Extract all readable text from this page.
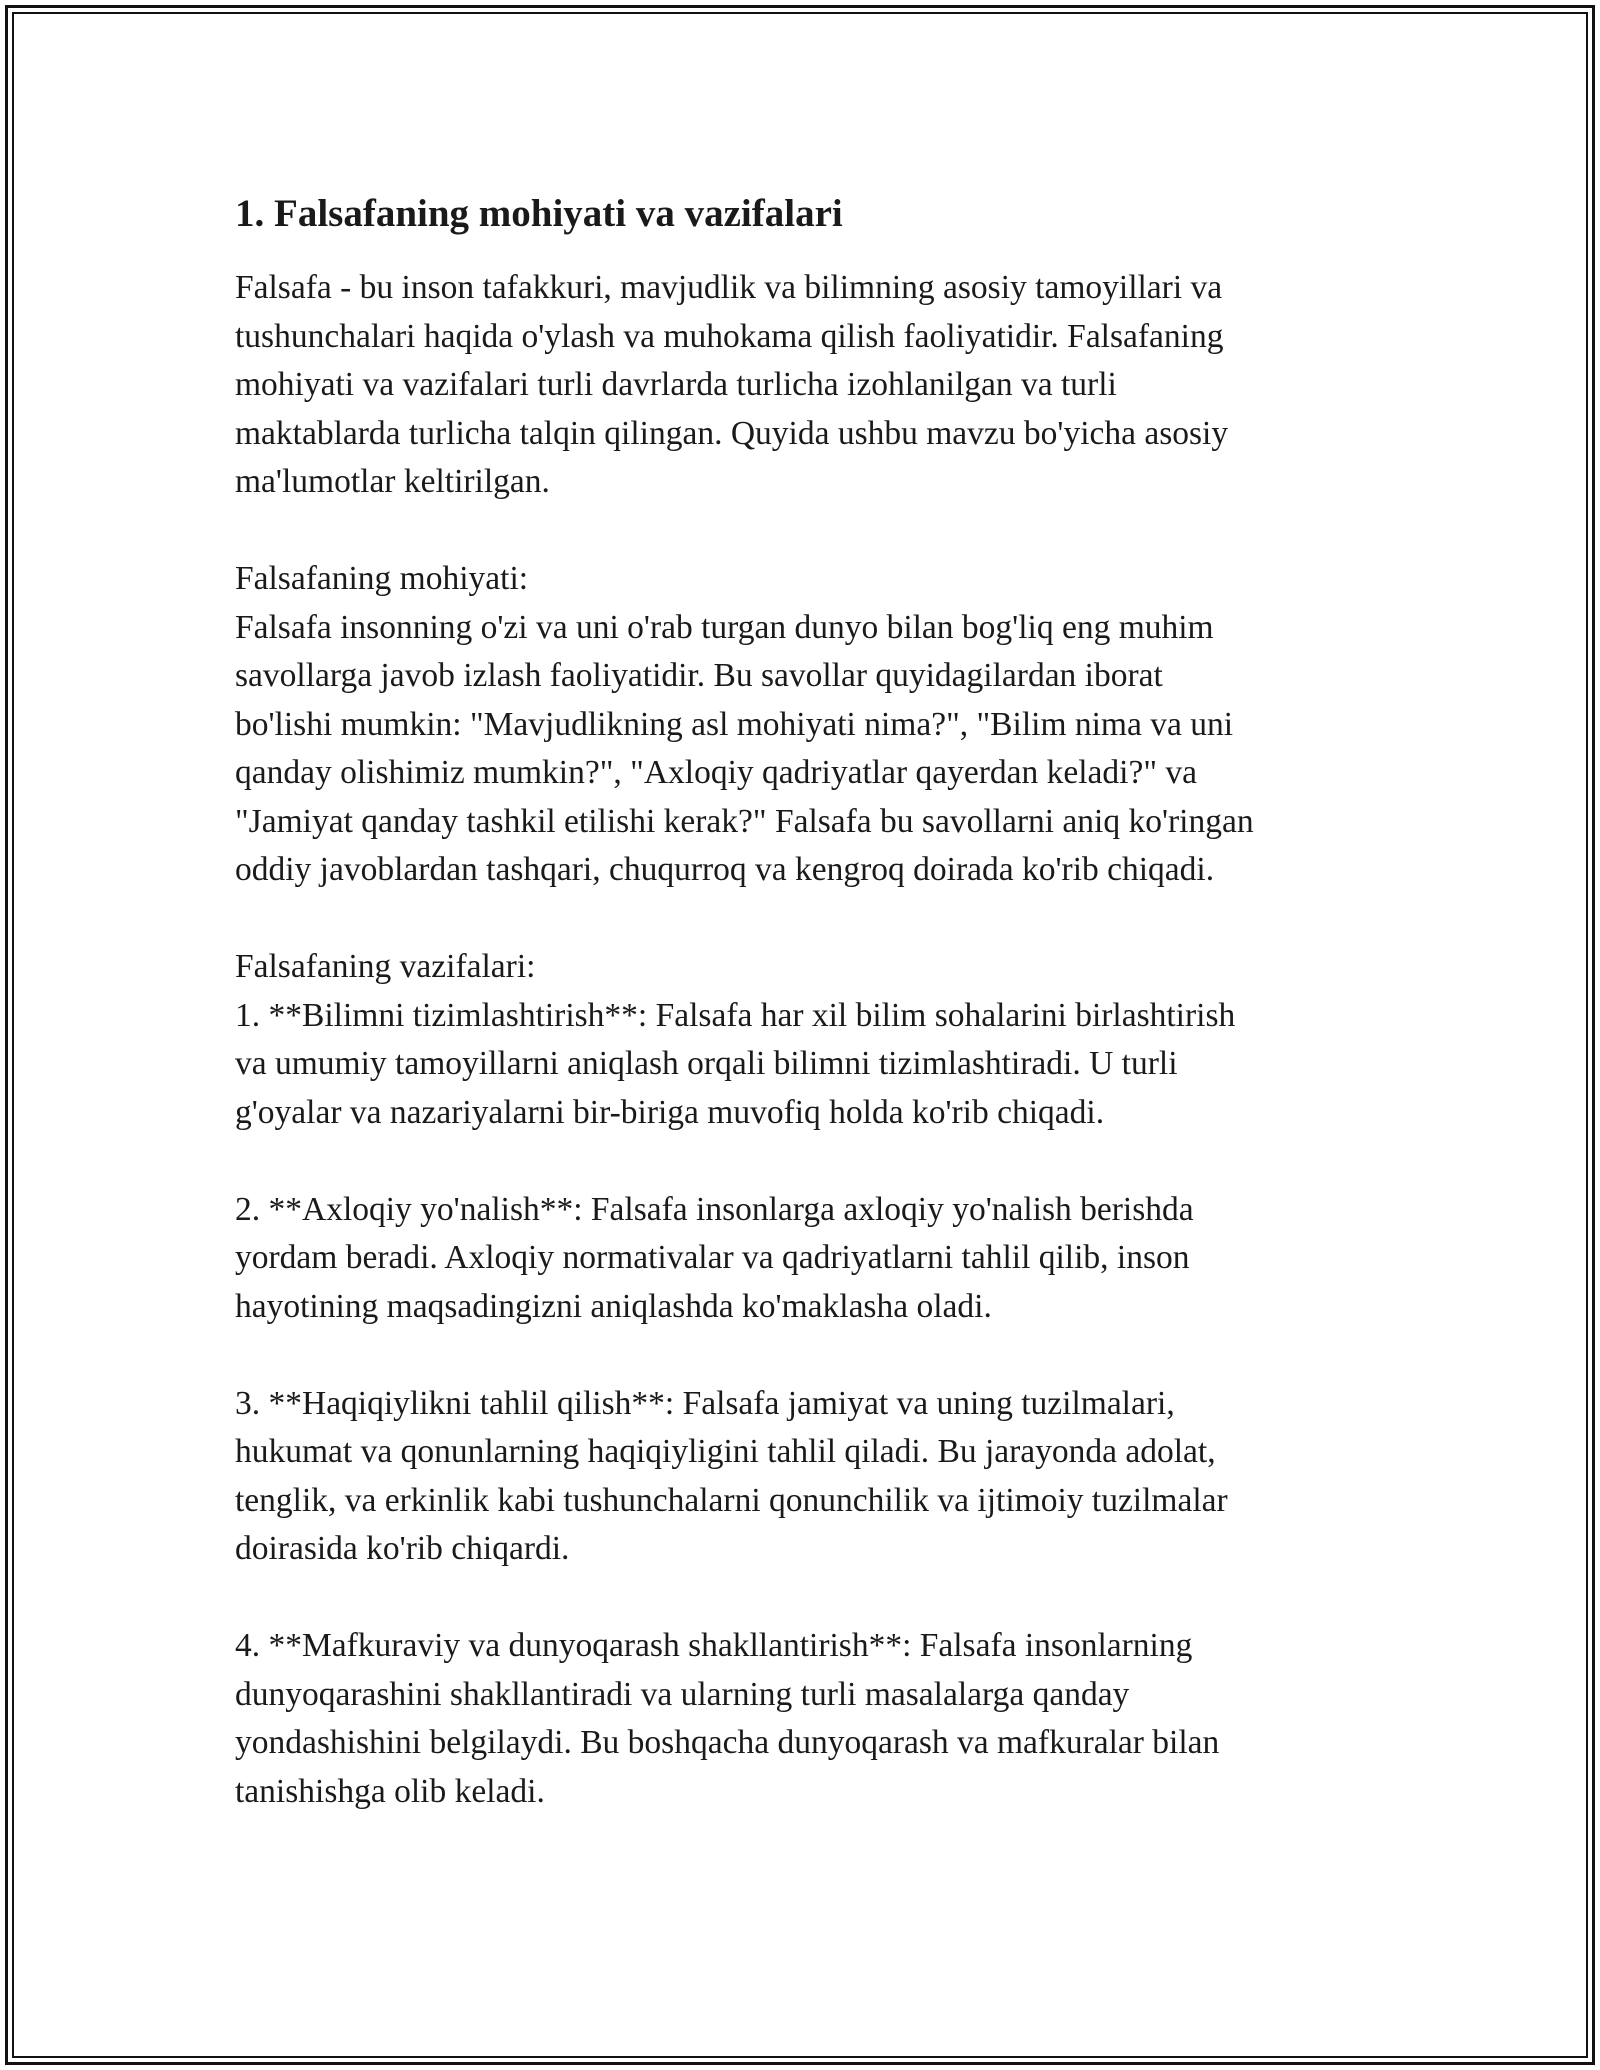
1. Falsafaning mohiyati va vazifalari
Falsafa - bu inson tafakkuri, mavjudlik va bilimning asosiy tamoyillari va
tushunchalari haqida o'ylash va muhokama qilish faoliyatidir. Falsafaning
mohiyati va vazifalari turli davrlarda turlicha izohlanilgan va turli
maktablarda turlicha talqin qilingan. Quyida ushbu mavzu bo'yicha asosiy
ma'lumotlar keltirilgan.
Falsafaning mohiyati:
Falsafa insonning o'zi va uni o'rab turgan dunyo bilan bog'liq eng muhim
savollarga javob izlash faoliyatidir. Bu savollar quyidagilardan iborat
bo'lishi mumkin: "Mavjudlikning asl mohiyati nima?", "Bilim nima va uni
qanday olishimiz mumkin?", "Axloqiy qadriyatlar qayerdan keladi?" va
"Jamiyat qanday tashkil etilishi kerak?" Falsafa bu savollarni aniq ko'ringan
oddiy javoblardan tashqari, chuqurroq va kengroq doirada ko'rib chiqadi.
Falsafaning vazifalari:
1. **Bilimni tizimlashtirish**: Falsafa har xil bilim sohalarini birlashtirish
va umumiy tamoyillarni aniqlash orqali bilimni tizimlashtiradi. U turli
g'oyalar va nazariyalarni bir-biriga muvofiq holda ko'rib chiqadi.
2. **Axloqiy yo'nalish**: Falsafa insonlarga axloqiy yo'nalish berishda
yordam beradi. Axloqiy normativalar va qadriyatlarni tahlil qilib, inson
hayotining maqsadingizni aniqlashda ko'maklasha oladi.
3. **Haqiqiylikni tahlil qilish**: Falsafa jamiyat va uning tuzilmalari,
hukumat va qonunlarning haqiqiyligini tahlil qiladi. Bu jarayonda adolat,
tenglik, va erkinlik kabi tushunchalarni qonunchilik va ijtimoiy tuzilmalar
doirasida ko'rib chiqardi.
4. **Mafkuraviy va dunyoqarash shakllantirish**: Falsafa insonlarning
dunyoqarashini shakllantiradi va ularning turli masalalarga qanday
yondashishini belgilaydi. Bu boshqacha dunyoqarash va mafkuralar bilan
tanishishga olib keladi.
